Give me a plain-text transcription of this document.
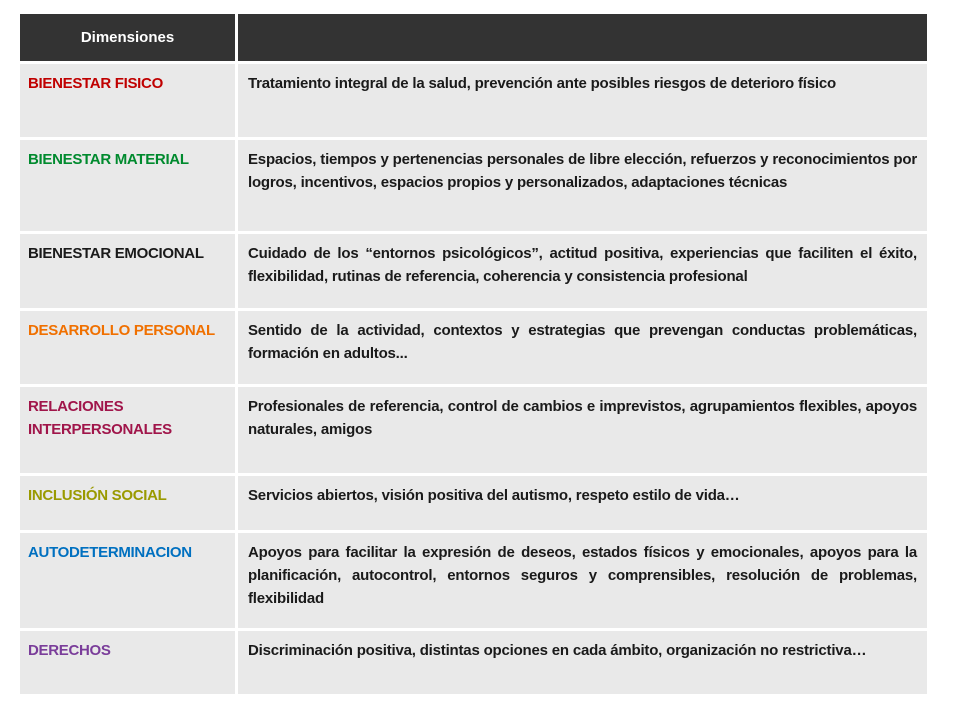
Dimensiones	
BIENESTAR FISICO	Tratamiento integral de la salud, prevención ante posibles riesgos de deterioro físico
BIENESTAR MATERIAL	Espacios, tiempos y pertenencias personales de libre elección, refuerzos y reconocimientos por logros, incentivos, espacios propios y personalizados, adaptaciones técnicas
BIENESTAR EMOCIONAL	Cuidado de los “entornos psicológicos”, actitud positiva, experiencias que faciliten el éxito, flexibilidad, rutinas de referencia, coherencia y consistencia profesional
DESARROLLO PERSONAL	Sentido de la actividad, contextos y estrategias que prevengan conductas problemáticas, formación en adultos...
RELACIONES INTERPERSONALES	Profesionales de referencia, control de cambios e imprevistos, agrupamientos flexibles, apoyos naturales, amigos
INCLUSIÓN SOCIAL	Servicios abiertos, visión positiva del autismo, respeto estilo de vida…
AUTODETERMINACION	Apoyos para facilitar la expresión de deseos, estados físicos y emocionales, apoyos para la planificación, autocontrol, entornos seguros y comprensibles, resolución de problemas, flexibilidad
DERECHOS	Discriminación positiva, distintas opciones en cada ámbito, organización no restrictiva…
